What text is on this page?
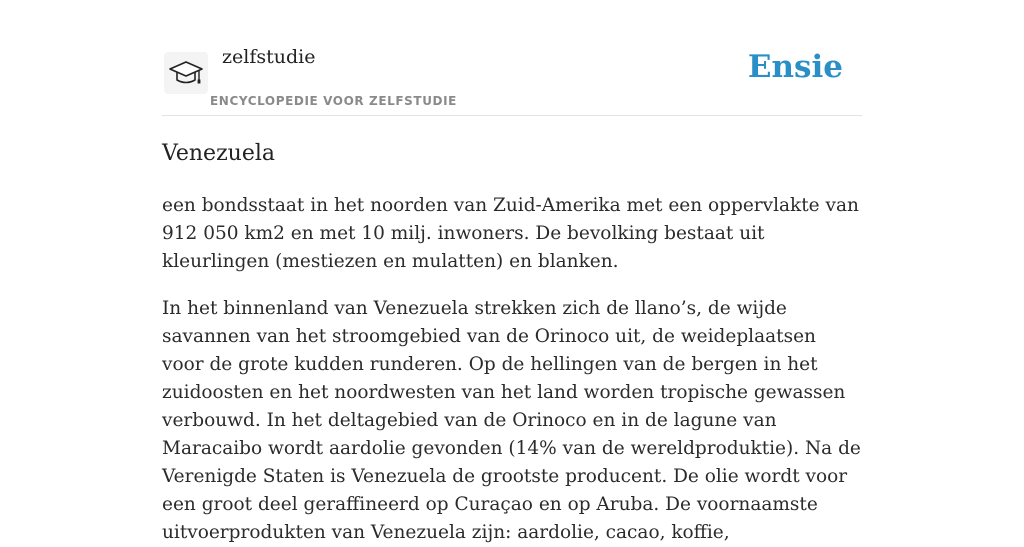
zelfstudie
ENCYCLOPEDIE VOOR ZELFSTUDIE
Ensie
Venezuela

een bondsstaat in het noorden van Zuid-Amerika met een oppervlakte van 912 050 km2 en met 10 milj. inwoners. De bevolking bestaat uit kleurlingen (mestiezen en mulatten) en blanken.

In het binnenland van Venezuela strekken zich de llano’s, de wijde savannen van het stroomgebied van de Orinoco uit, de weideplaatsen voor de grote kudden runderen. Op de hellingen van de bergen in het zuidoosten en het noordwesten van het land worden tropische gewassen verbouwd. In het deltagebied van de Orinoco en in de lagune van Maracaibo wordt aardolie gevonden (14% van de wereldproduktie). Na de Verenigde Staten is Venezuela de grootste producent. De olie wordt voor een groot deel geraffineerd op Curaçao en op Aruba. De voornaamste uitvoerprodukten van Venezuela zijn: aardolie, cacao, koffie,
